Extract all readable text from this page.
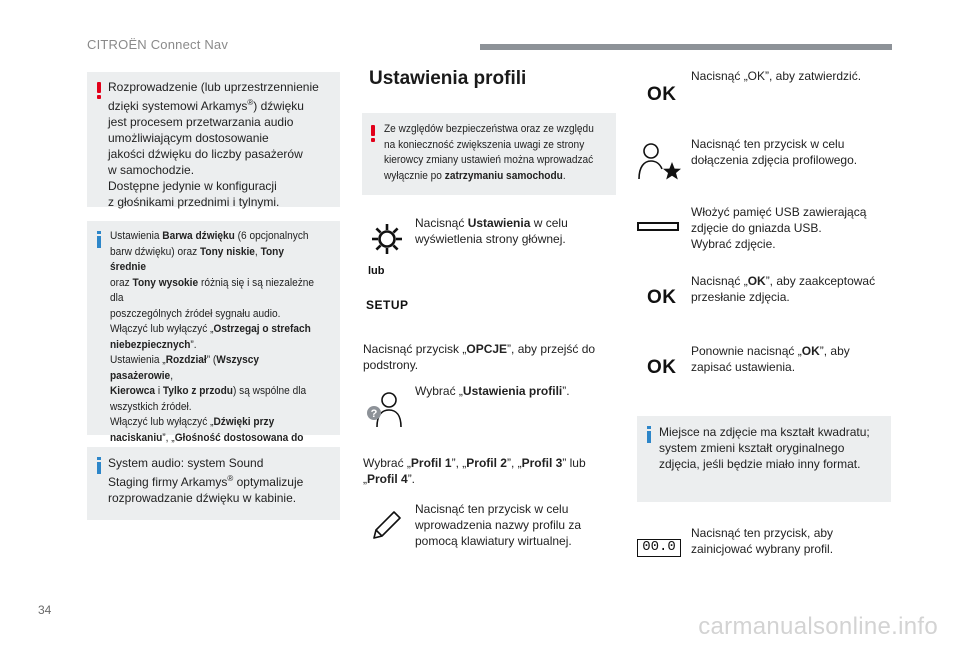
CITROËN Connect Nav
Rozprowadzenie (lub uprzestrzennienie
dzięki systemowi Arkamys®) dźwięku
jest procesem przetwarzania audio
umożliwiającym dostosowanie
jakości dźwięku do liczby pasażerów
w samochodzie.
Dostępne jedynie w konfiguracji
z głośnikami przednimi i tylnymi.
Ustawienia Barwa dźwięku (6 opcjonalnych
barw dźwięku) oraz Tony niskie, Tony średnie
oraz Tony wysokie różnią się i są niezależne dla
poszczególnych źródeł sygnału audio.
Włączyć lub wyłączyć „Ostrzegaj o strefach
niebezpiecznych”.
Ustawienia „Rozdział” (Wszyscy pasażerowie,
Kierowca i Tylko z przodu) są wspólne dla
wszystkich źródeł.
Włączyć lub wyłączyć „Dźwięki przy
naciskaniu”, „Głośność dostosowana do
System audio: system Sound
Staging firmy Arkamys® optymalizuje
rozprowadzanie dźwięku w kabinie.
Ustawienia profili
Ze względów bezpieczeństwa oraz ze względu
na konieczność zwiększenia uwagi ze strony
kierowcy zmiany ustawień można wprowadzać
wyłącznie po zatrzymaniu samochodu.
Nacisnąć Ustawienia w celu
wyświetlenia strony głównej.
lub
SETUP
Nacisnąć przycisk „OPCJE”, aby przejść do
podstrony.
?
Wybrać „Ustawienia profili”.
Wybrać „Profil 1”, „Profil 2”, „Profil 3” lub
„Profil 4”.
Nacisnąć ten przycisk w celu
wprowadzenia nazwy profilu za
pomocą klawiatury wirtualnej.
OK
Nacisnąć „OK”, aby zatwierdzić.
Nacisnąć ten przycisk w celu
dołączenia zdjęcia profilowego.
Włożyć pamięć USB zawierającą
zdjęcie do gniazda USB.
Wybrać zdjęcie.
OK
Nacisnąć „OK”, aby zaakceptować
przesłanie zdjęcia.
OK
Ponownie nacisnąć „OK”, aby
zapisać ustawienia.
Miejsce na zdjęcie ma kształt kwadratu;
system zmieni kształt oryginalnego
zdjęcia, jeśli będzie miało inny format.
00.0
Nacisnąć ten przycisk, aby
zainicjować wybrany profil.
34
carmanualsonline.info
